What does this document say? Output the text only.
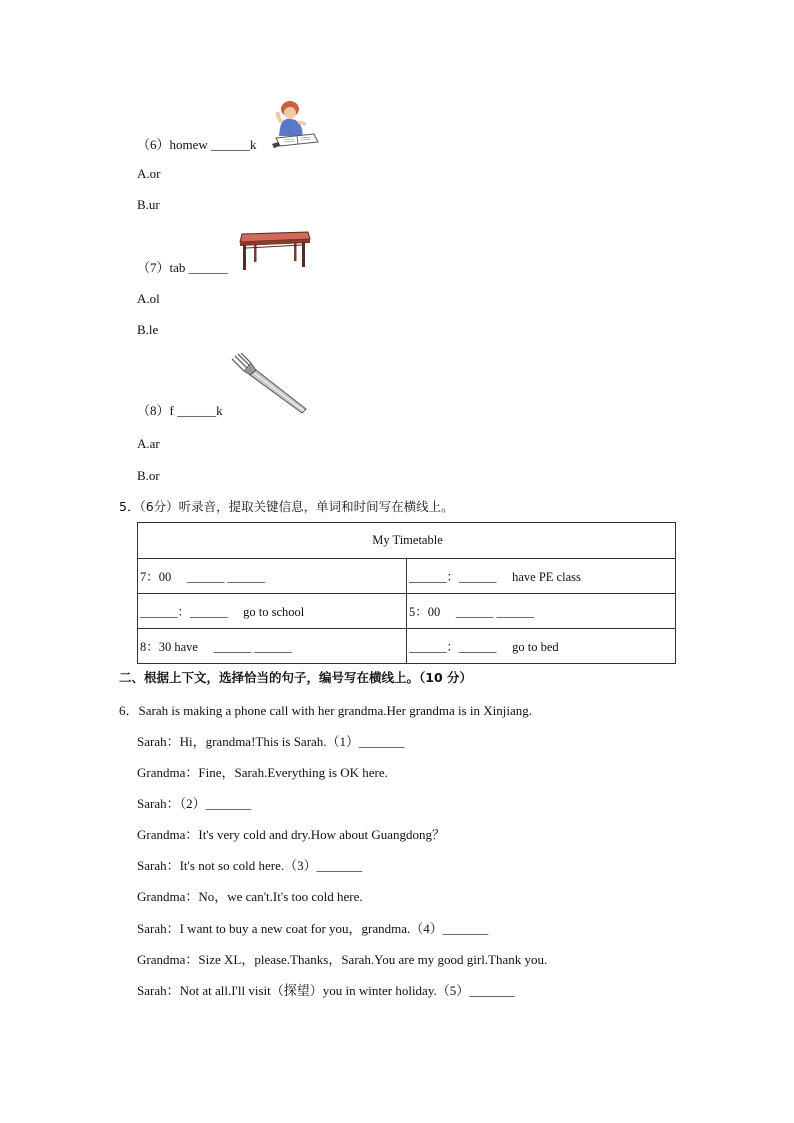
（6）homew ______k
A.or
B.ur
（7）tab ______
A.ol
B.le
（8）f ______k
A.ar
B.or
5．（6分）听录音，提取关键信息，单词和时间写在横线上。
My Timetable	
7：00 　______ ______	______：______ 　have PE class
______：______ 　go to school	5：00 　______ ______
8：30 have 　______ ______	______：______ 　go to bed
二、根据上下文，选择恰当的句子，编号写在横线上。（10 分）
6．Sarah is making a phone call with her grandma.Her grandma is in Xinjiang.
Sarah：Hi，grandma!This is Sarah.（1）_______
Grandma：Fine，Sarah.Everything is OK here.
Sarah：（2）_______
Grandma：It's very cold and dry.How about Guangdong？
Sarah：It's not so cold here.（3）_______
Grandma：No，we can't.It's too cold here.
Sarah：I want to buy a new coat for you，grandma.（4）_______
Grandma：Size XL，please.Thanks，Sarah.You are my good girl.Thank you.
Sarah：Not at all.I'll visit（探望）you in winter holiday.（5）_______
